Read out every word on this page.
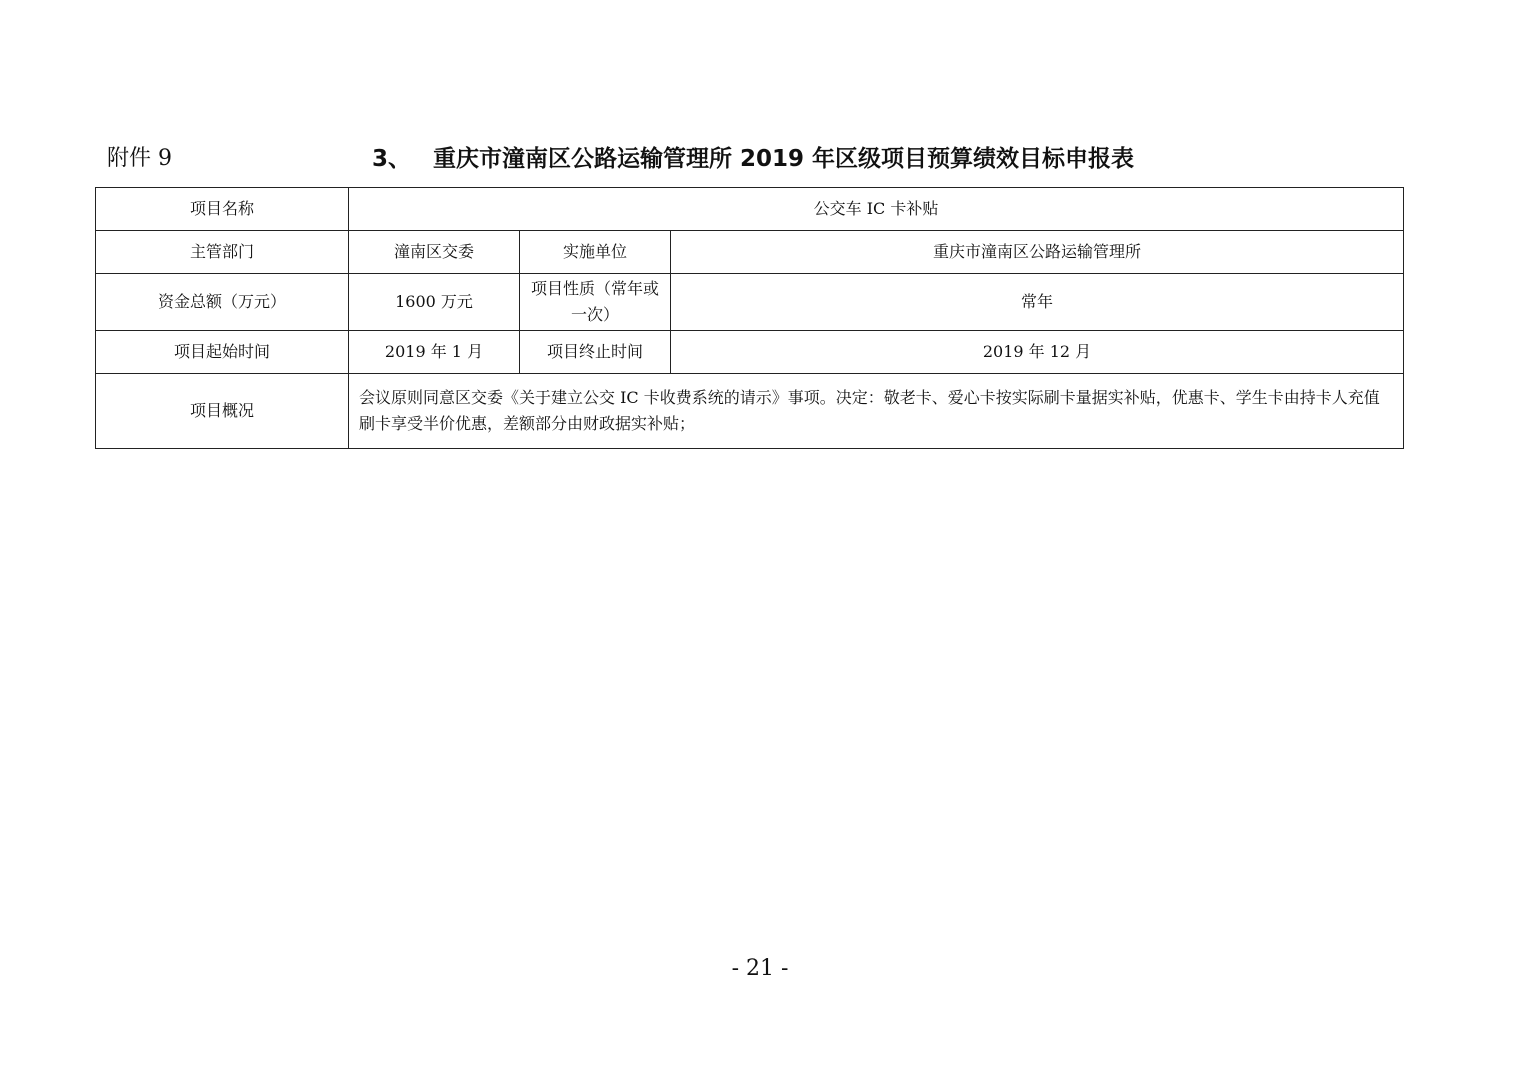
附件 9	3、 重庆市潼南区公路运输管理所 2019 年区级项目预算绩效目标申报表
项目名称	公交车 IC 卡补贴		
主管部门	潼南区交委	实施单位	重庆市潼南区公路运输管理所
资金总额（万元）	1600 万元	项目性质（常年或一次）	常年
项目起始时间	2019 年 1 月	项目终止时间	2019 年 12 月
项目概况	会议原则同意区交委《关于建立公交 IC 卡收费系统的请示》事项。决定：敬老卡、爱心卡按实际刷卡量据实补贴，优惠卡、学生卡由持卡人充值刷卡享受半价优惠，差额部分由财政据实补贴；		
- 21 -
